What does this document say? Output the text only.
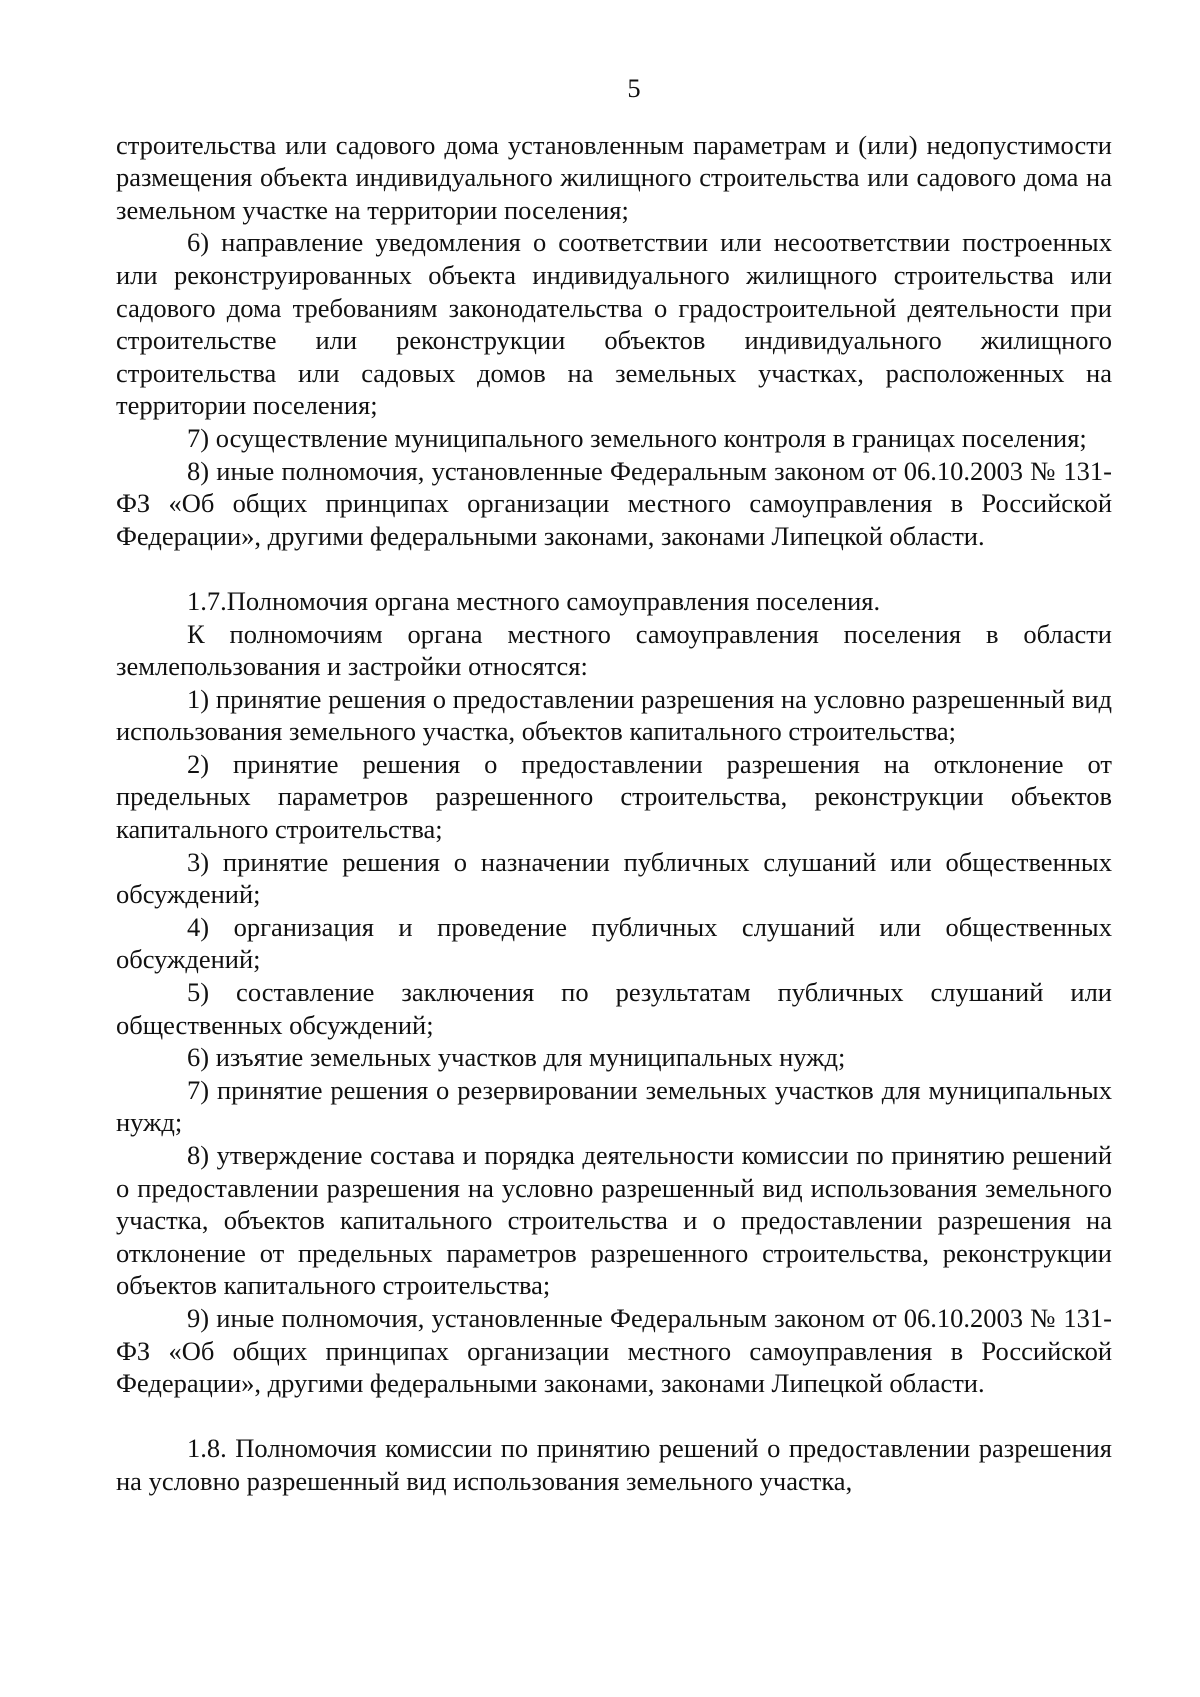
5

строительства или садового дома установленным параметрам и (или) недопустимости размещения объекта индивидуального жилищного строительства или садового дома на земельном участке на территории поселения;

6) направление уведомления о соответствии или несоответствии построенных или реконструированных объекта индивидуального жилищного строительства или садового дома требованиям законодательства о градостроительной деятельности при строительстве или реконструкции объектов индивидуального жилищного строительства или садовых домов на земельных участках, расположенных на территории поселения;

7) осуществление муниципального земельного контроля в границах поселения;

8) иные полномочия, установленные Федеральным законом от 06.10.2003 № 131-ФЗ «Об общих принципах организации местного самоуправления в Российской Федерации», другими федеральными законами, законами Липецкой области.

1.7.Полномочия органа местного самоуправления поселения.

К полномочиям органа местного самоуправления поселения в области землепользования и застройки относятся:

1) принятие решения о предоставлении разрешения на условно разрешенный вид использования земельного участка, объектов капитального строительства;

2) принятие решения о предоставлении разрешения на отклонение от предельных параметров разрешенного строительства, реконструкции объектов капитального строительства;

3) принятие решения о назначении публичных слушаний или общественных обсуждений;

4) организация и проведение публичных слушаний или общественных обсуждений;

5) составление заключения по результатам публичных слушаний или общественных обсуждений;

6) изъятие земельных участков для муниципальных нужд;

7) принятие решения о резервировании земельных участков для муниципальных нужд;

8) утверждение состава и порядка деятельности комиссии по принятию решений о предоставлении разрешения на условно разрешенный вид использования земельного участка, объектов капитального строительства и о предоставлении разрешения на отклонение от предельных параметров разрешенного строительства, реконструкции объектов капитального строительства;

9) иные полномочия, установленные Федеральным законом от 06.10.2003 № 131-ФЗ «Об общих принципах организации местного самоуправления в Российской Федерации», другими федеральными законами, законами Липецкой области.

1.8. Полномочия комиссии по принятию решений о предоставлении разрешения на условно разрешенный вид использования земельного участка,
